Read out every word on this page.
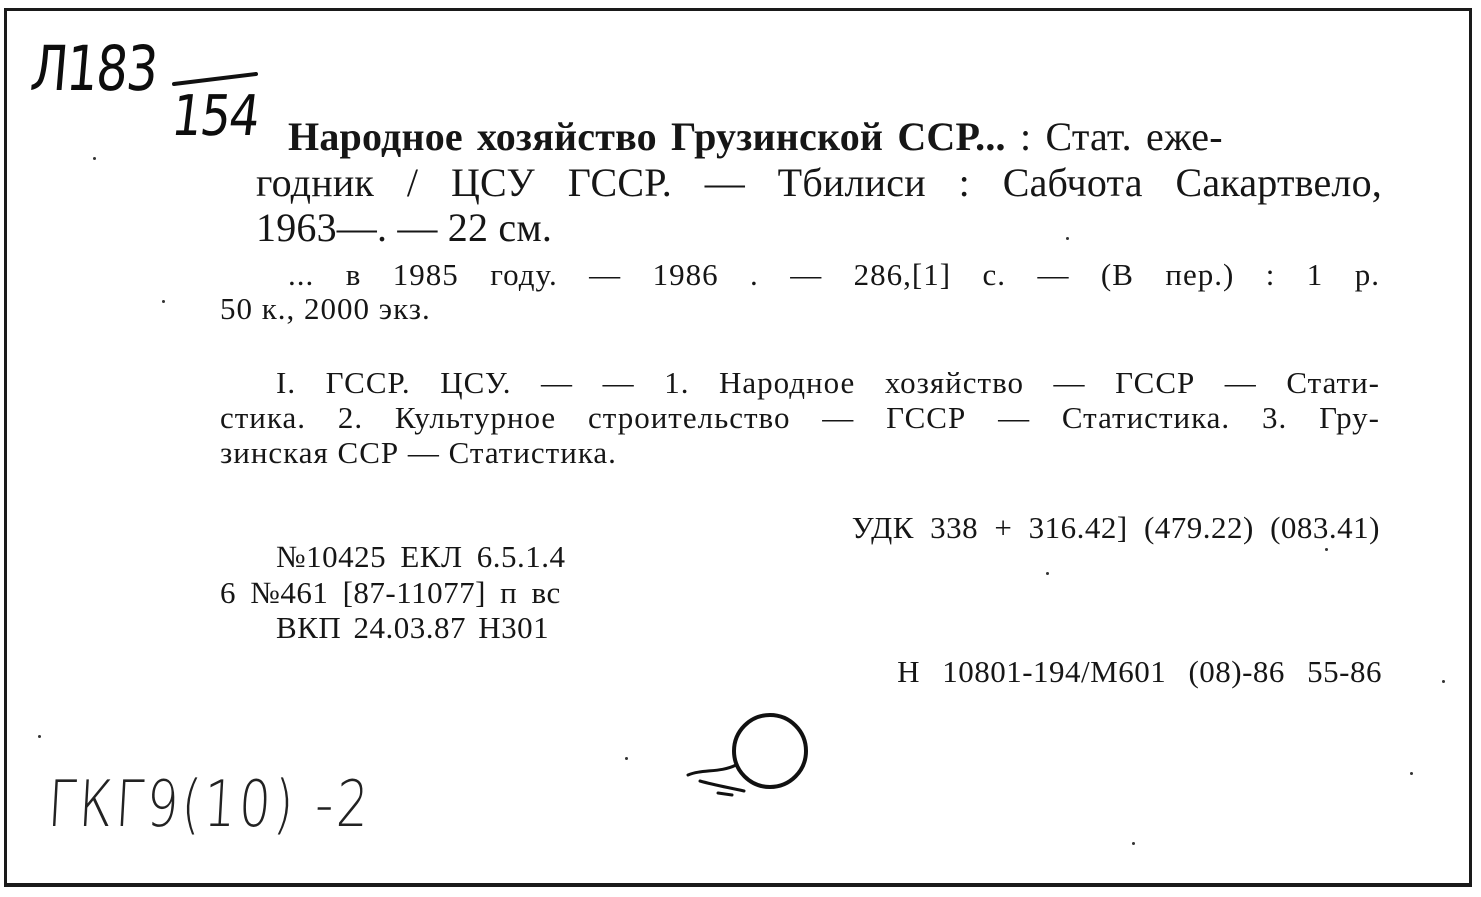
Л183
154 Народное хозяйство Грузинской ССР... : Стат. еже-
годник / ЦСУ ГССР. — Тбилиси : Сабчота Сакартвело,
1963—. — 22 см.
... в 1985 году. — 1986 . — 286,[1] с. — (В пер.) : 1 р.
50 к., 2000 экз.
I. ГССР. ЦСУ. — — 1. Народное хозяйство — ГССР — Стати-
стика. 2. Культурное строительство — ГССР — Статистика. 3. Гру-
зинская ССР — Статистика.
УДК 338 + 316.42] (479.22) (083.41)
№10425 ЕКЛ 6.5.1.4
6 №461 [87-11077] п вс
ВКП 24.03.87 Н301
Н 10801-194/М601 (08)-86 55-86
ГКГ9(10) -2
